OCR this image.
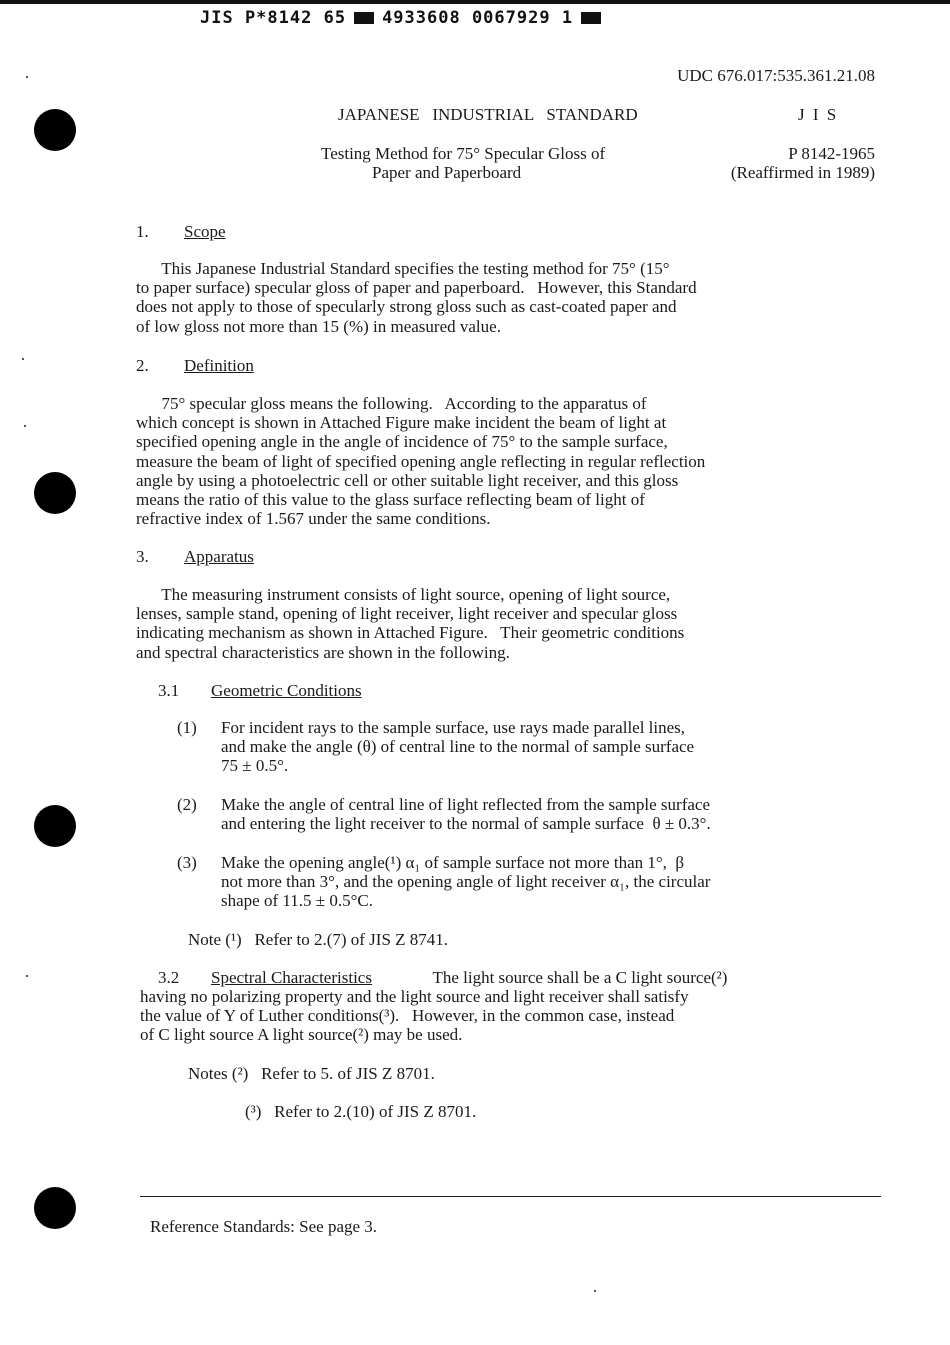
JIS P*8142 65 4933608 0067929 1
UDC 676.017:535.361.21.08
JAPANESE   INDUSTRIAL   STANDARD	J I S
Testing Method for 75° Specular Gloss of
Paper and Paperboard
P 8142-1965
(Reaffirmed in 1989)
1. Scope
This Japanese Industrial Standard specifies the testing method for 75° (15°
to paper surface) specular gloss of paper and paperboard.   However, this Standard
does not apply to those of specularly strong gloss such as cast-coated paper and
of low gloss not more than 15 (%) in measured value.
2. Definition
75° specular gloss means the following.   According to the apparatus of
which concept is shown in Attached Figure make incident the beam of light at
specified opening angle in the angle of incidence of 75° to the sample surface,
measure the beam of light of specified opening angle reflecting in regular reflection
angle by using a photoelectric cell or other suitable light receiver, and this gloss
means the ratio of this value to the glass surface reflecting beam of light of
refractive index of 1.567 under the same conditions.
3. Apparatus
The measuring instrument consists of light source, opening of light source,
lenses, sample stand, opening of light receiver, light receiver and specular gloss
indicating mechanism as shown in Attached Figure.   Their geometric conditions
and spectral characteristics are shown in the following.
3.1 Geometric Conditions
(1) For incident rays to the sample surface, use rays made parallel lines,
and make the angle (θ) of central line to the normal of sample surface
75 ± 0.5°.
(2) Make the angle of central line of light reflected from the sample surface
and entering the light receiver to the normal of sample surface  θ ± 0.3°.
(3) Make the opening angle(¹) α₁ of sample surface not more than 1°,  β
not more than 3°, and the opening angle of light receiver α₁, the circular
shape of 11.5 ± 0.5°C.
Note (¹)   Refer to 2.(7) of JIS Z 8741.
3.2 Spectral Characteristics	The light source shall be a C light source(²)
having no polarizing property and the light source and light receiver shall satisfy
the value of Y of Luther conditions(³).   However, in the common case, instead
of C light source A light source(²) may be used.
Notes (²)   Refer to 5. of JIS Z 8701.
(³)   Refer to 2.(10) of JIS Z 8701.
Reference Standards: See page 3.
